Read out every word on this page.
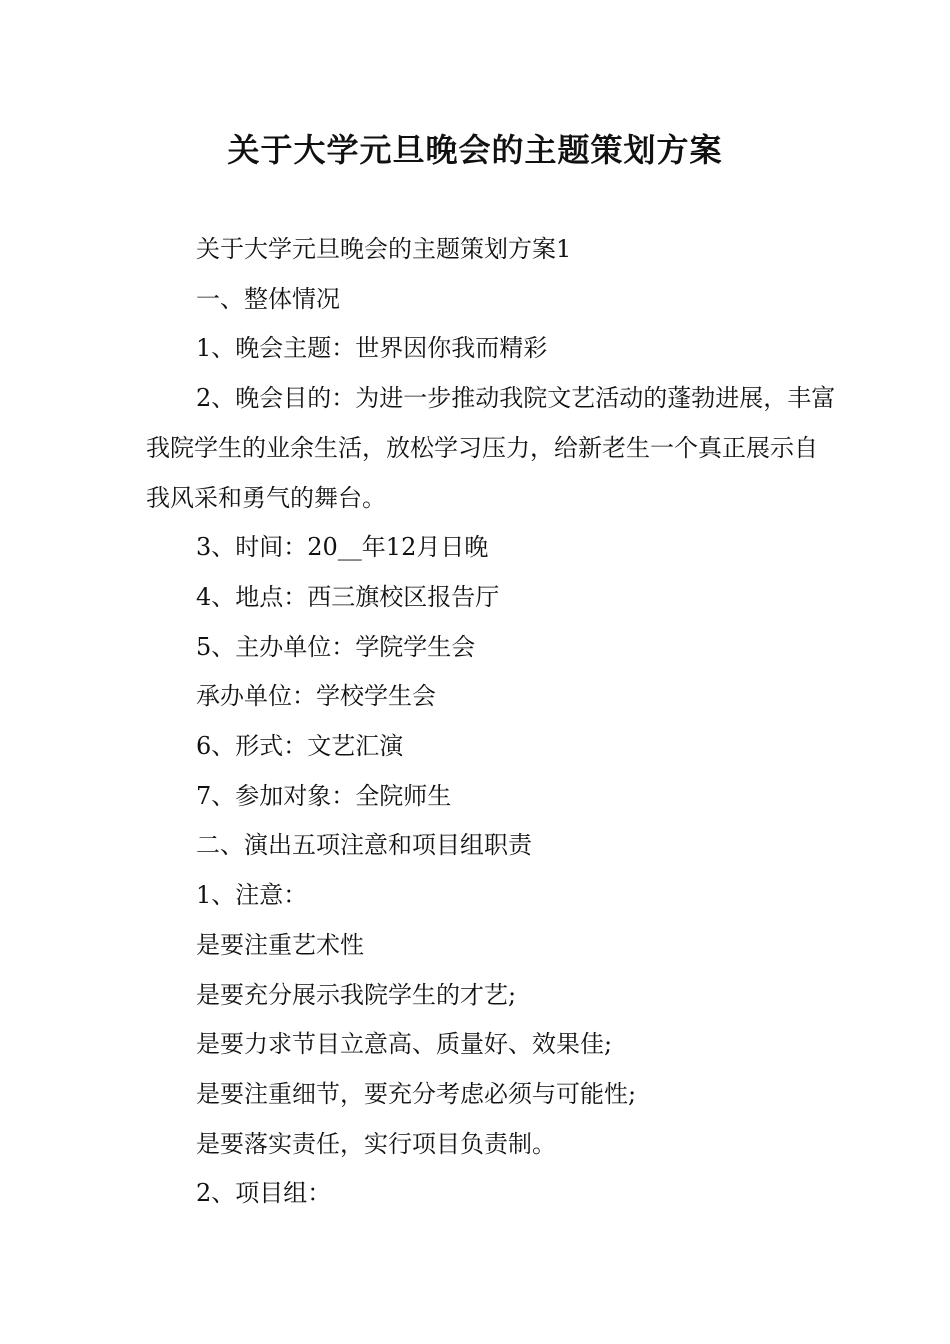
关于大学元旦晚会的主题策划方案

关于大学元旦晚会的主题策划方案1

一、整体情况

1、晚会主题：世界因你我而精彩

2、晚会目的：为进一步推动我院文艺活动的蓬勃进展，丰富我院学生的业余生活，放松学习压力，给新老生一个真正展示自我风采和勇气的舞台。

3、时间：20__年12月日晚

4、地点：西三旗校区报告厅

5、主办单位：学院学生会

承办单位：学校学生会

6、形式：文艺汇演

7、参加对象：全院师生

二、演出五项注意和项目组职责

1、注意：

是要注重艺术性

是要充分展示我院学生的才艺;

是要力求节目立意高、质量好、效果佳;

是要注重细节，要充分考虑必须与可能性;

是要落实责任，实行项目负责制。

2、项目组：
